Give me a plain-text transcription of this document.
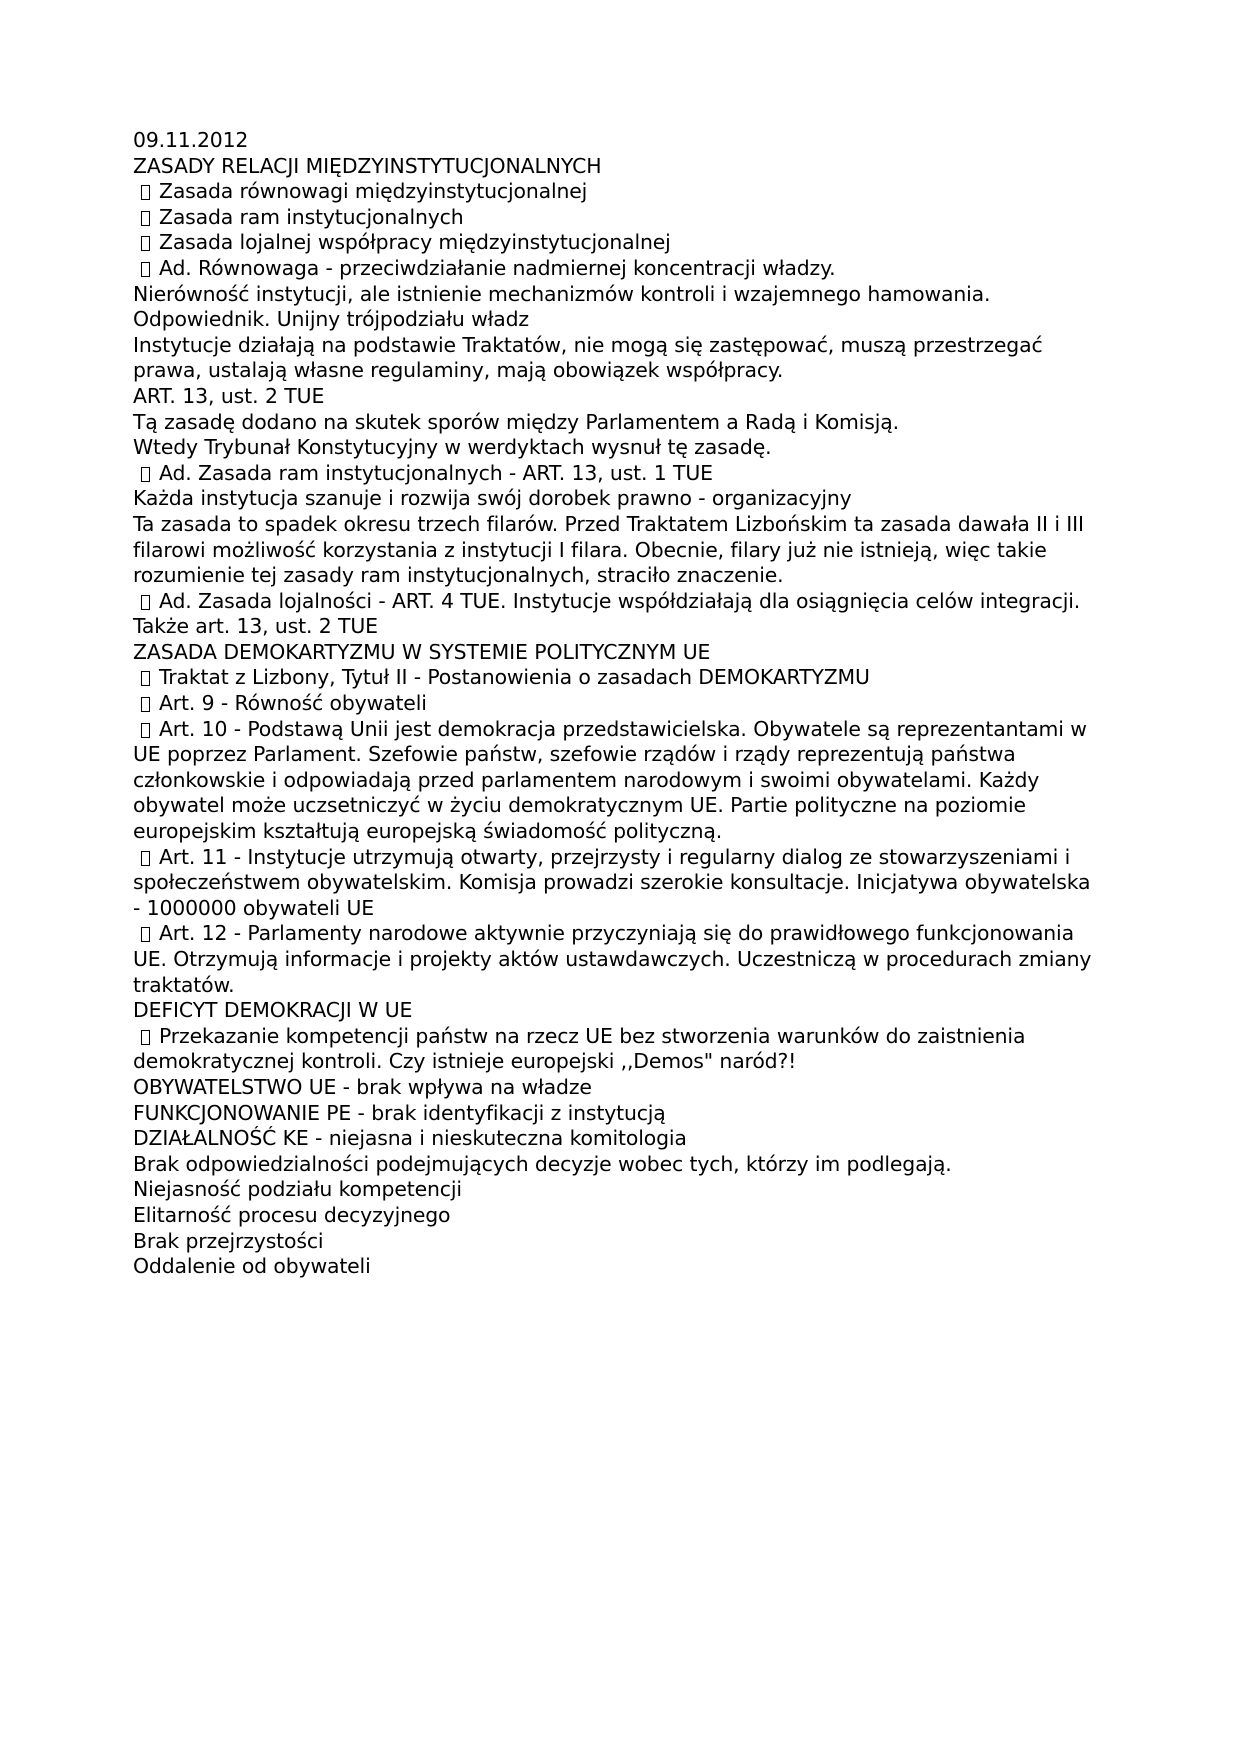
09.11.2012

ZASADY RELACJI MIĘDZYINSTYTUCJONALNYCH

Zasada równowagi międzyinstytucjonalnej

Zasada ram instytucjonalnych

Zasada lojalnej współpracy międzyinstytucjonalnej

Ad. Równowaga - przeciwdziałanie nadmiernej koncentracji władzy.

Nierówność instytucji, ale istnienie mechanizmów kontroli i wzajemnego hamowania. Odpowiednik. Unijny trójpodziału władz

Instytucje działają na podstawie Traktatów, nie mogą się zastępować, muszą przestrzegać prawa, ustalają własne regulaminy, mają obowiązek współpracy.

ART. 13, ust. 2 TUE

Tą zasadę dodano na skutek sporów między Parlamentem a Radą i Komisją.

Wtedy Trybunał Konstytucyjny w werdyktach wysnuł tę zasadę.

Ad. Zasada ram instytucjonalnych - ART. 13, ust. 1 TUE

Każda instytucja szanuje i rozwija swój dorobek prawno - organizacyjny

Ta zasada to spadek okresu trzech filarów. Przed Traktatem Lizbońskim ta zasada dawała II i III filarowi możliwość korzystania z instytucji I filara. Obecnie, filary już nie istnieją, więc takie rozumienie tej zasady ram instytucjonalnych, straciło znaczenie.

Ad. Zasada lojalności - ART. 4 TUE. Instytucje współdziałają dla osiągnięcia celów integracji. Także art. 13, ust. 2 TUE

ZASADA DEMOKARTYZMU W SYSTEMIE POLITYCZNYM UE

Traktat z Lizbony, Tytuł II - Postanowienia o zasadach DEMOKARTYZMU

Art. 9 - Równość obywateli

Art. 10 - Podstawą Unii jest demokracja przedstawicielska. Obywatele są reprezentantami w UE poprzez Parlament. Szefowie państw, szefowie rządów i rządy reprezentują państwa członkowskie i odpowiadają przed parlamentem narodowym i swoimi obywatelami. Każdy obywatel może uczsetniczyć w życiu demokratycznym UE. Partie polityczne na poziomie europejskim kształtują europejską świadomość polityczną.

Art. 11 - Instytucje utrzymują otwarty, przejrzysty i regularny dialog ze stowarzyszeniami i społeczeństwem obywatelskim. Komisja prowadzi szerokie konsultacje. Inicjatywa obywatelska - 1000000 obywateli UE

Art. 12 - Parlamenty narodowe aktywnie przyczyniają się do prawidłowego funkcjonowania UE. Otrzymują informacje i projekty aktów ustawdawczych. Uczestniczą w procedurach zmiany traktatów.

DEFICYT DEMOKRACJI W UE

Przekazanie kompetencji państw na rzecz UE bez stworzenia warunków do zaistnienia demokratycznej kontroli. Czy istnieje europejski ,,Demos" naród?!

OBYWATELSTWO UE - brak wpływa na władze

FUNKCJONOWANIE PE - brak identyfikacji z instytucją

DZIAŁALNOŚĆ KE - niejasna i nieskuteczna komitologia

Brak odpowiedzialności podejmujących decyzje wobec tych, którzy im podlegają.

Niejasność podziału kompetencji

Elitarność procesu decyzyjnego

Brak przejrzystości

Oddalenie od obywateli
